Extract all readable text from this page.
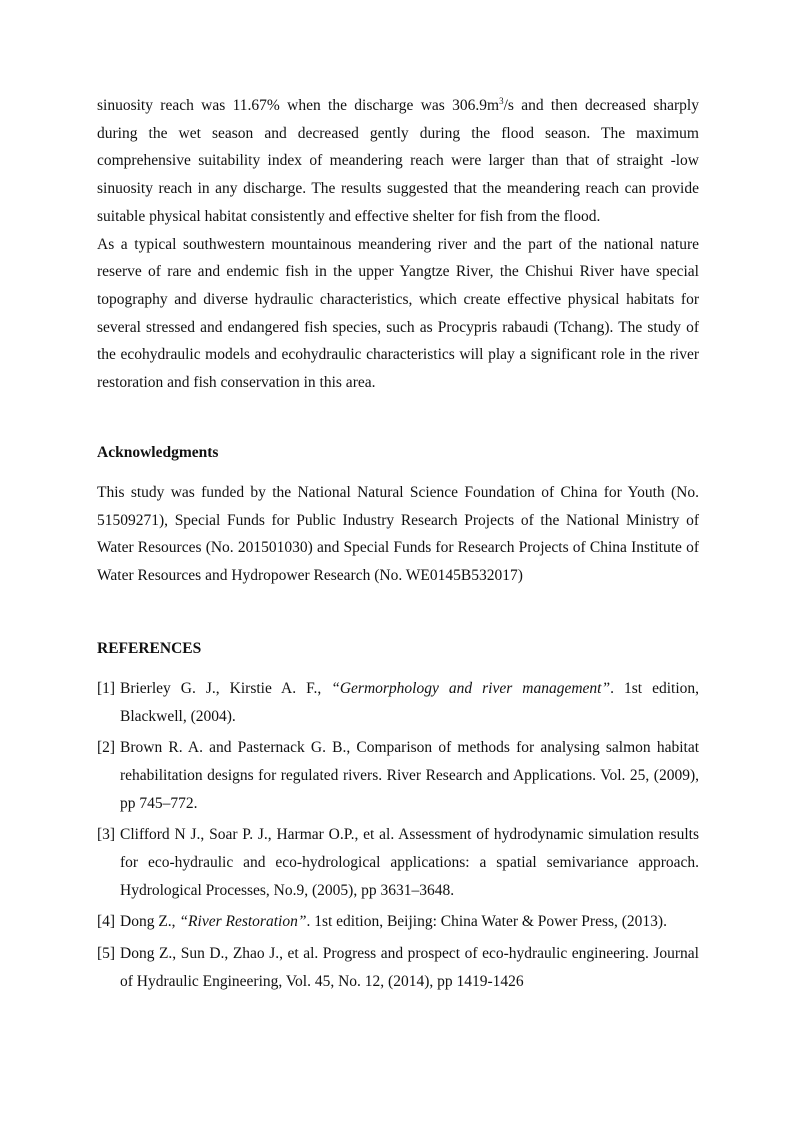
sinuosity reach was 11.67% when the discharge was $306.9m^3/s$ and then decreased sharply during the wet season and decreased gently during the flood season. The maximum comprehensive suitability index of meandering reach were larger than that of straight -low sinuosity reach in any discharge. The results suggested that the meandering reach can provide suitable physical habitat consistently and effective shelter for fish from the flood.

As a typical southwestern mountainous meandering river and the part of the national nature reserve of rare and endemic fish in the upper Yangtze River, the Chishui River have special topography and diverse hydraulic characteristics, which create effective physical habitats for several stressed and endangered fish species, such as Procypris rabaudi (Tchang). The study of the ecohydraulic models and ecohydraulic characteristics will play a significant role in the river restoration and fish conservation in this area.

Acknowledgments

This study was funded by the National Natural Science Foundation of China for Youth (No. 51509271), Special Funds for Public Industry Research Projects of the National Ministry of Water Resources (No. 201501030) and Special Funds for Research Projects of China Institute of Water Resources and Hydropower Research (No. WE0145B532017)

REFERENCES
[1] Brierley G. J., Kirstie A. F., “Germorphology and river management”. 1st edition, Blackwell, (2004).
[2] Brown R. A. and Pasternack G. B., Comparison of methods for analysing salmon habitat rehabilitation designs for regulated rivers. River Research and Applications. Vol. 25, (2009), pp 745–772.
[3] Clifford N J., Soar P. J., Harmar O.P., et al. Assessment of hydrodynamic simulation results for eco-hydraulic and eco-hydrological applications: a spatial semivariance approach. Hydrological Processes, No.9, (2005), pp 3631–3648.
[4] Dong Z., “River Restoration”. 1st edition, Beijing: China Water & Power Press, (2013).
[5] Dong Z., Sun D., Zhao J., et al. Progress and prospect of eco-hydraulic engineering. Journal of Hydraulic Engineering, Vol. 45, No. 12, (2014), pp 1419-1426
